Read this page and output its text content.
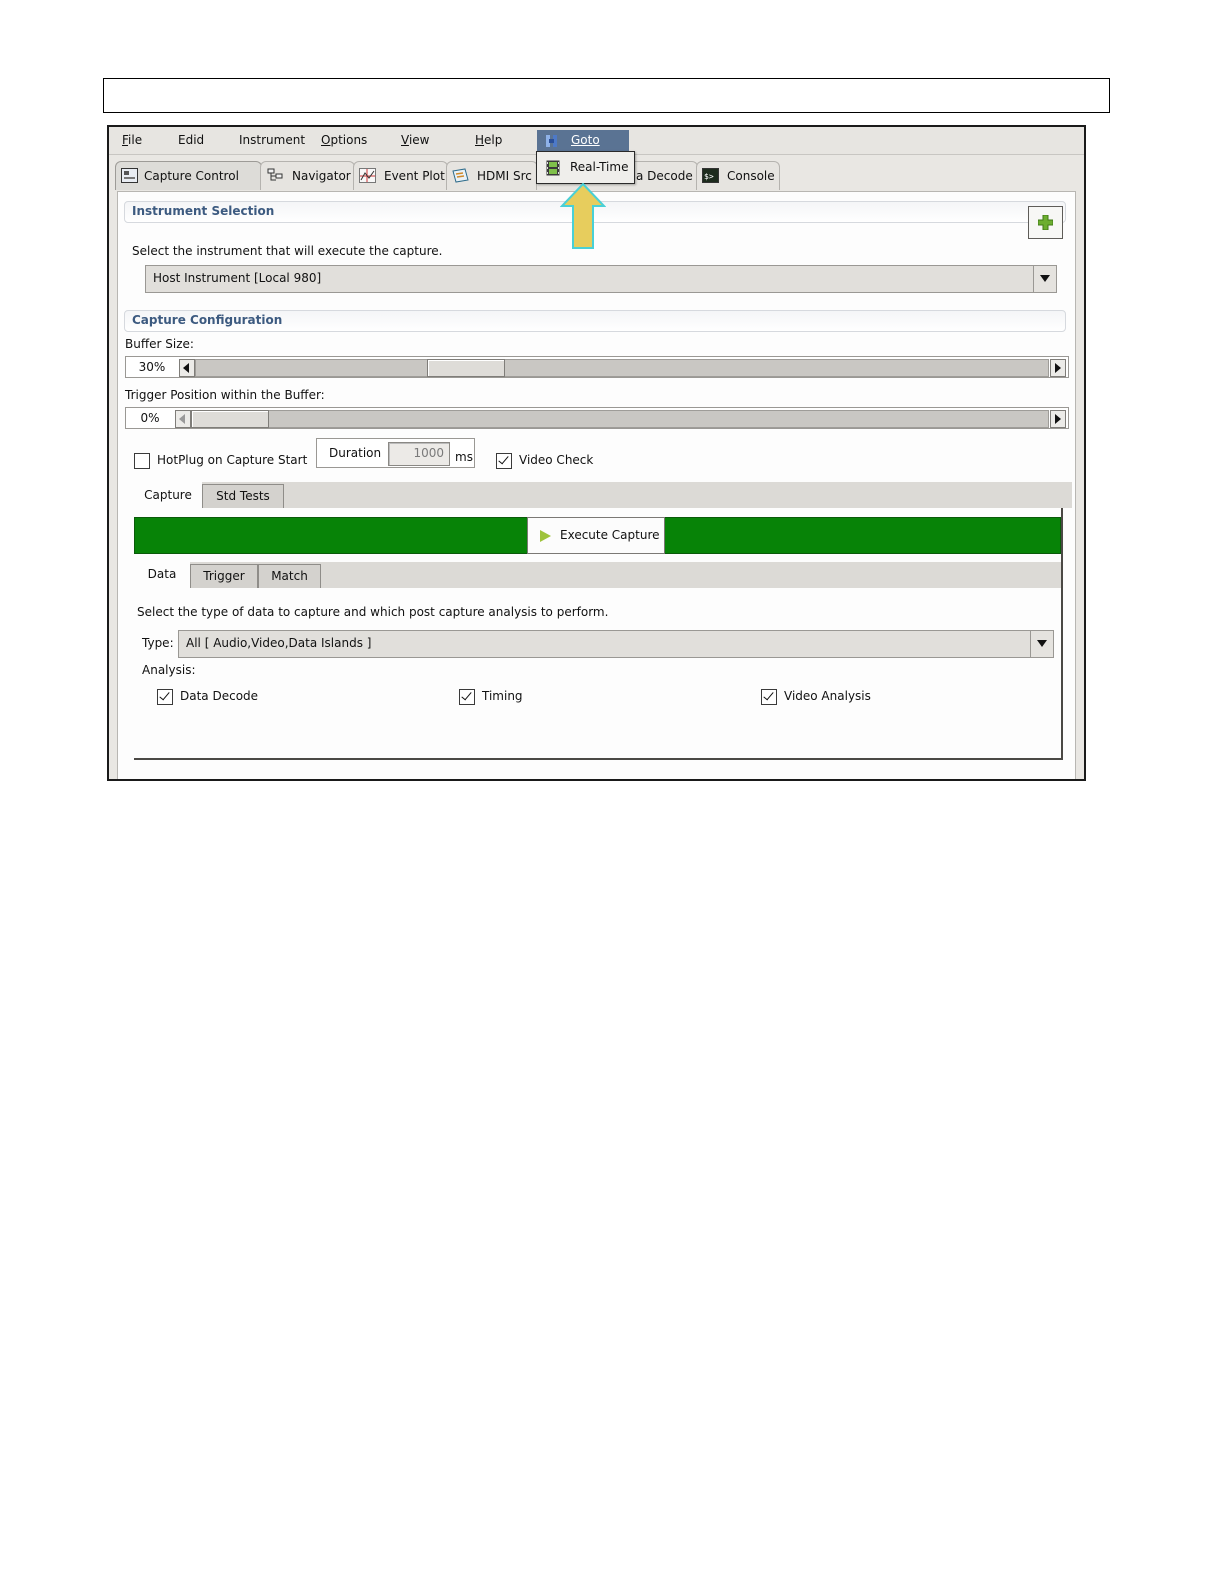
File	Edid	Instrument Options	View	Help	Goto
Capture Control	Navigator	Event Plot	HDMI Src	a Decode $> Console
Instrument Selection
Select the instrument that will execute the capture.
Host Instrument [Local 980]
Capture Configuration
Buffer Size:
30%
Trigger Position within the Buffer:
0%
HotPlug on Capture Start Duration	1000 ms	Video Check
Capture	Std Tests
Execute Capture
Data	Trigger	Match
Select the type of data to capture and which post capture analysis to perform.
Type: All [ Audio,Video,Data Islands ]
Analysis:
Data Decode	Timing	Video Analysis
Real-Time
